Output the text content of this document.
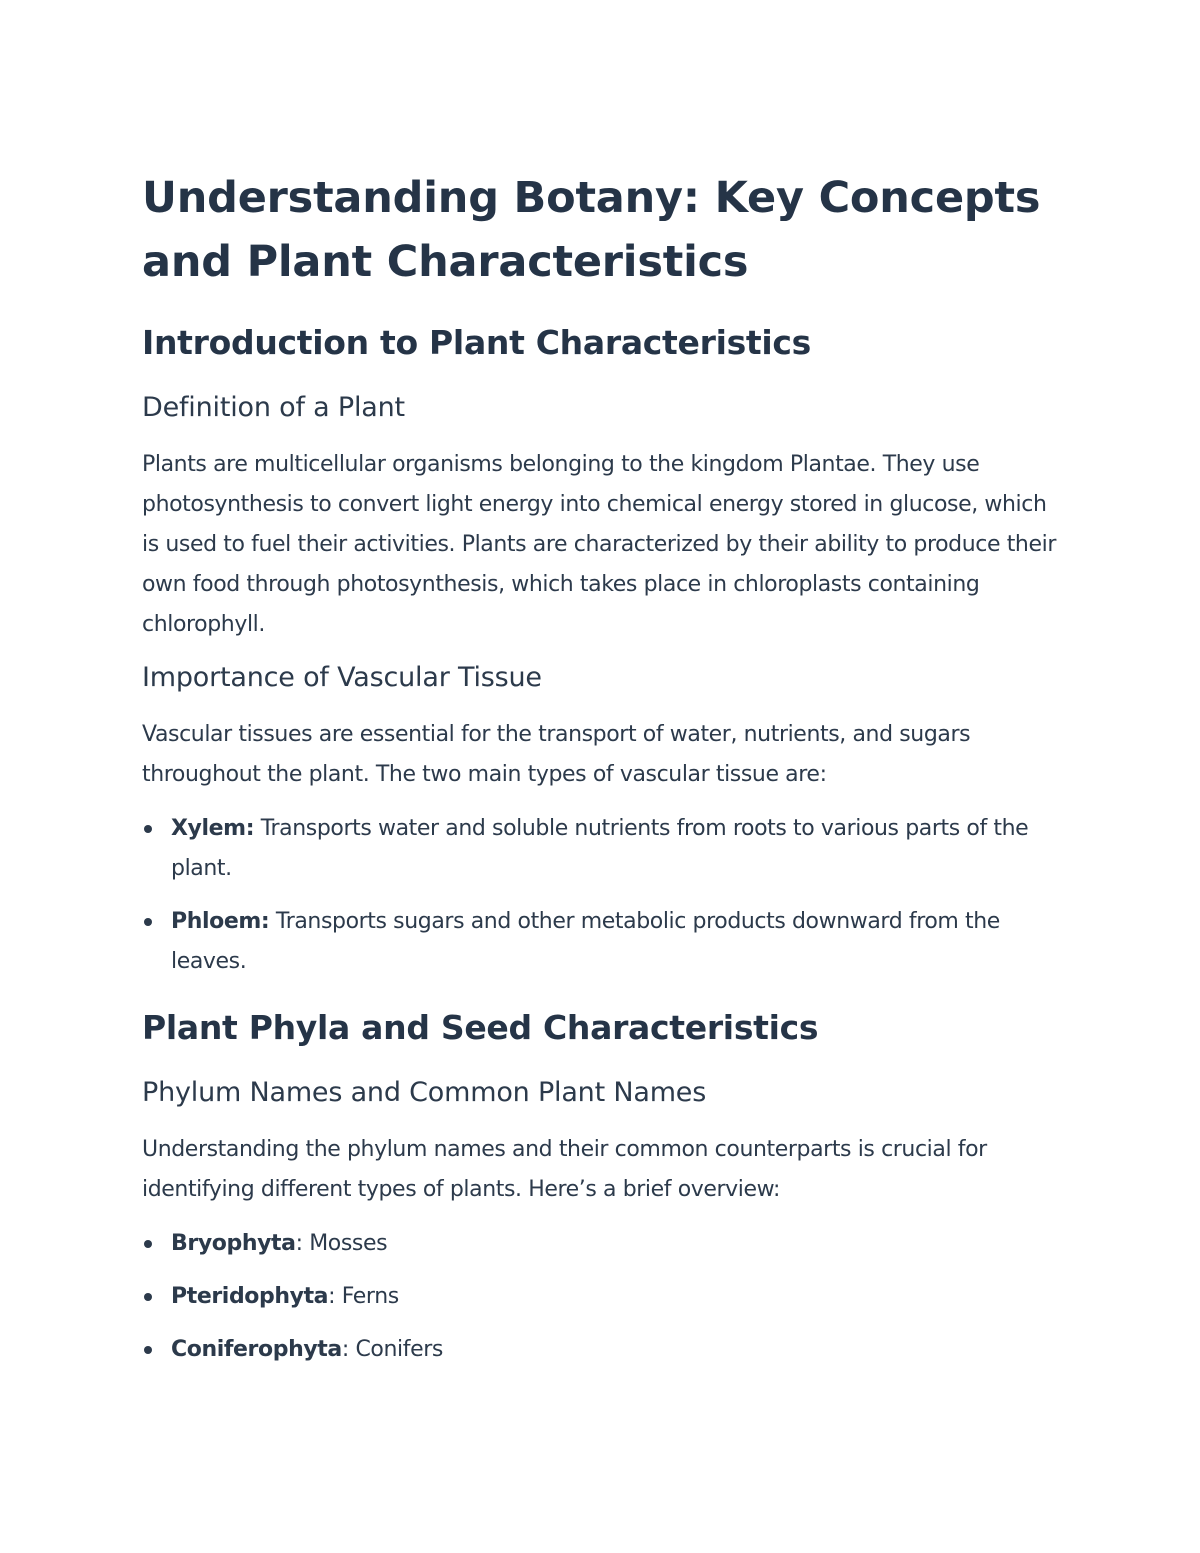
Understanding Botany: Key Concepts and Plant Characteristics
Introduction to Plant Characteristics
Definition of a Plant

Plants are multicellular organisms belonging to the kingdom Plantae. They use photosynthesis to convert light energy into chemical energy stored in glucose, which is used to fuel their activities. Plants are characterized by their ability to produce their own food through photosynthesis, which takes place in chloroplasts containing chlorophyll.

Importance of Vascular Tissue

Vascular tissues are essential for the transport of water, nutrients, and sugars throughout the plant. The two main types of vascular tissue are:

Xylem: Transports water and soluble nutrients from roots to various parts of the plant.
Phloem: Transports sugars and other metabolic products downward from the leaves.
Plant Phyla and Seed Characteristics
Phylum Names and Common Plant Names

Understanding the phylum names and their common counterparts is crucial for identifying different types of plants. Here’s a brief overview:

Bryophyta: Mosses
Pteridophyta: Ferns
Coniferophyta: Conifers
